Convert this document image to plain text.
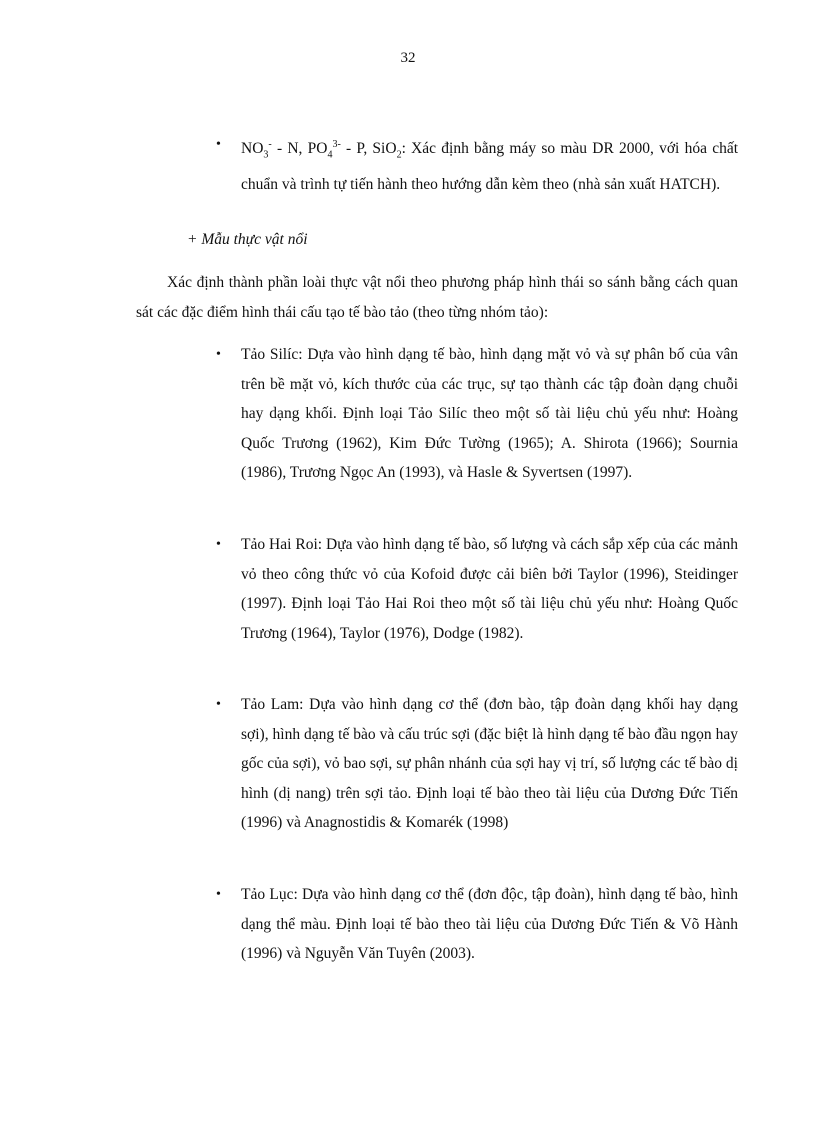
32
• $NO_3^-$ - N, $PO_4^{3-}$ - P, SiO$_2$: Xác định bằng máy so màu DR 2000, với hóa chất chuẩn và trình tự tiến hành theo hướng dẫn kèm theo (nhà sản xuất HATCH).
+ Mẫu thực vật nổi
Xác định thành phần loài thực vật nổi theo phương pháp hình thái so sánh bằng cách quan sát các đặc điểm hình thái cấu tạo tế bào tảo (theo từng nhóm tảo):
• Tảo Silíc: Dựa vào hình dạng tế bào, hình dạng mặt vỏ và sự phân bố của vân trên bề mặt vỏ, kích thước của các trục, sự tạo thành các tập đoàn dạng chuỗi hay dạng khối. Định loại Tảo Silíc theo một số tài liệu chủ yếu như: Hoàng Quốc Trương (1962), Kim Đức Tường (1965); A. Shirota (1966); Sournia (1986), Trương Ngọc An (1993), và Hasle & Syvertsen (1997).
• Tảo Hai Roi: Dựa vào hình dạng tế bào, số lượng và cách sắp xếp của các mảnh vỏ theo công thức vỏ của Kofoid được cải biên bởi Taylor (1996), Steidinger (1997). Định loại Tảo Hai Roi theo một số tài liệu chủ yếu như: Hoàng Quốc Trương (1964), Taylor (1976), Dodge (1982).
• Tảo Lam: Dựa vào hình dạng cơ thể (đơn bào, tập đoàn dạng khối hay dạng sợi), hình dạng tế bào và cấu trúc sợi (đặc biệt là hình dạng tế bào đầu ngọn hay gốc của sợi), vỏ bao sợi, sự phân nhánh của sợi hay vị trí, số lượng các tế bào dị hình (dị nang) trên sợi tảo. Định loại tế bào theo tài liệu của Dương Đức Tiến (1996) và Anagnostidis & Komarék (1998)
• Tảo Lục: Dựa vào hình dạng cơ thể (đơn độc, tập đoàn), hình dạng tế bào, hình dạng thể màu. Định loại tế bào theo tài liệu của Dương Đức Tiến & Võ Hành (1996) và Nguyễn Văn Tuyên (2003).
